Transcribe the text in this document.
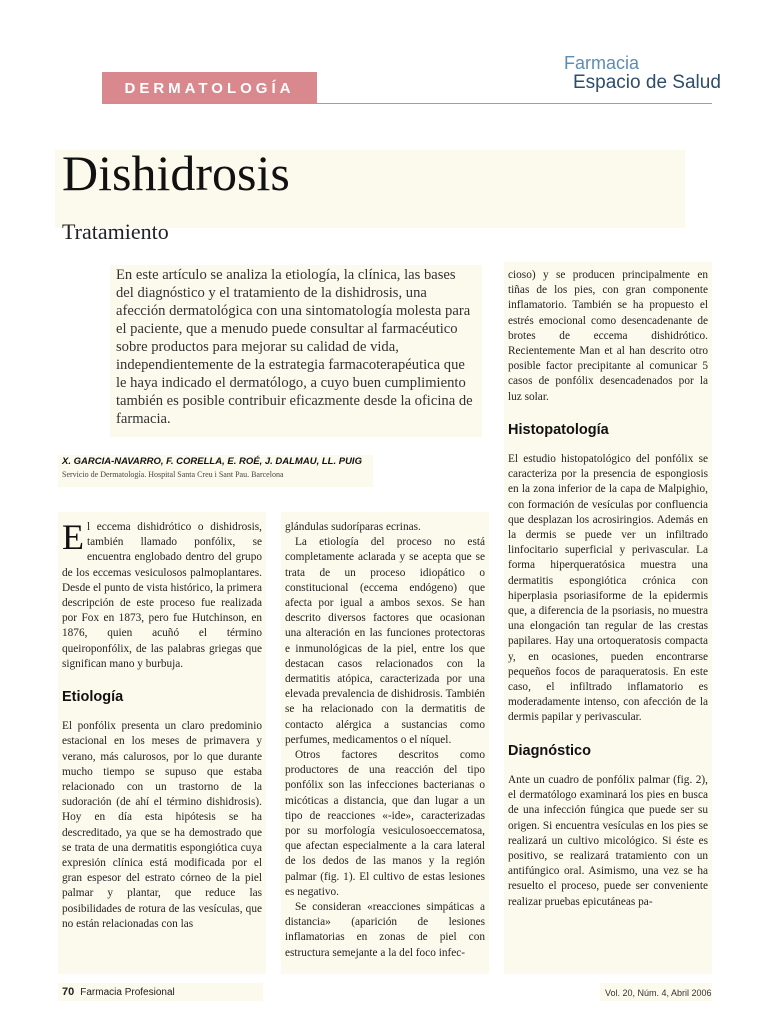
DERMATOLOGÍA
Farmacia
Espacio de Salud
Dishidrosis
Tratamiento
En este artículo se analiza la etiología, la clínica, las bases del diagnóstico y el tratamiento de la dishidrosis, una afección dermatológica con una sintomatología molesta para el paciente, que a menudo puede consultar al farmacéutico sobre productos para mejorar su calidad de vida, independientemente de la estrategia farmacoterapéutica que le haya indicado el dermatólogo, a cuyo buen cumplimiento también es posible contribuir eficazmente desde la oficina de farmacia.
X. GARCIA-NAVARRO, F. CORELLA, E. ROÉ, J. DALMAU, LL. PUIG
Servicio de Dermatología. Hospital Santa Creu i Sant Pau. Barcelona

El eccema dishidrótico o dishidrosis, también llamado ponfólix, se encuentra englobado dentro del grupo de los eccemas vesiculosos palmoplantares. Desde el punto de vista histórico, la primera descripción de este proceso fue realizada por Fox en 1873, pero fue Hutchinson, en 1876, quien acuñó el término queiroponfólix, de las palabras griegas que significan mano y burbuja.

Etiología

El ponfólix presenta un claro predominio estacional en los meses de primavera y verano, más calurosos, por lo que durante mucho tiempo se supuso que estaba relacionado con un trastorno de la sudoración (de ahí el término dishidrosis). Hoy en día esta hipótesis se ha descreditado, ya que se ha demostrado que se trata de una dermatitis espongiótica cuya expresión clínica está modificada por el gran espesor del estrato córneo de la piel palmar y plantar, que reduce las posibilidades de rotura de las vesículas, que no están relacionadas con las

glándulas sudoríparas ecrinas.

La etiología del proceso no está completamente aclarada y se acepta que se trata de un proceso idiopático o constitucional (eccema endógeno) que afecta por igual a ambos sexos. Se han descrito diversos factores que ocasionan una alteración en las funciones protectoras e inmunológicas de la piel, entre los que destacan casos relacionados con la dermatitis atópica, caracterizada por una elevada prevalencia de dishidrosis. También se ha relacionado con la dermatitis de contacto alérgica a sustancias como perfumes, medicamentos o el níquel.

Otros factores descritos como productores de una reacción del tipo ponfólix son las infecciones bacterianas o micóticas a distancia, que dan lugar a un tipo de reacciones «-ide», caracterizadas por su morfología vesiculosoeccematosa, que afectan especialmente a la cara lateral de los dedos de las manos y la región palmar (fig. 1). El cultivo de estas lesiones es negativo.

Se consideran «reacciones simpáticas a distancia» (aparición de lesiones inflamatorias en zonas de piel con estructura semejante a la del foco infec-

cioso) y se producen principalmente en tiñas de los pies, con gran componente inflamatorio. También se ha propuesto el estrés emocional como desencadenante de brotes de eccema dishidrótico. Recientemente Man et al han descrito otro posible factor precipitante al comunicar 5 casos de ponfólix desencadenados por la luz solar.

Histopatología

El estudio histopatológico del ponfólix se caracteriza por la presencia de espongiosis en la zona inferior de la capa de Malpighio, con formación de vesículas por confluencia que desplazan los acrosiringios. Además en la dermis se puede ver un infiltrado linfocitario superficial y perivascular. La forma hiperqueratósica muestra una dermatitis espongiótica crónica con hiperplasia psoriasiforme de la epidermis que, a diferencia de la psoriasis, no muestra una elongación tan regular de las crestas papilares. Hay una ortoqueratosis compacta y, en ocasiones, pueden encontrarse pequeños focos de paraqueratosis. En este caso, el infiltrado inflamatorio es moderadamente intenso, con afección de la dermis papilar y perivascular.

Diagnóstico

Ante un cuadro de ponfólix palmar (fig. 2), el dermatólogo examinará los pies en busca de una infección fúngica que puede ser su origen. Si encuentra vesículas en los pies se realizará un cultivo micológico. Si éste es positivo, se realizará tratamiento con un antifúngico oral. Asimismo, una vez se ha resuelto el proceso, puede ser conveniente realizar pruebas epicutáneas pa-

70 Farmacia Profesional	Vol. 20, Núm. 4, Abril 2006
